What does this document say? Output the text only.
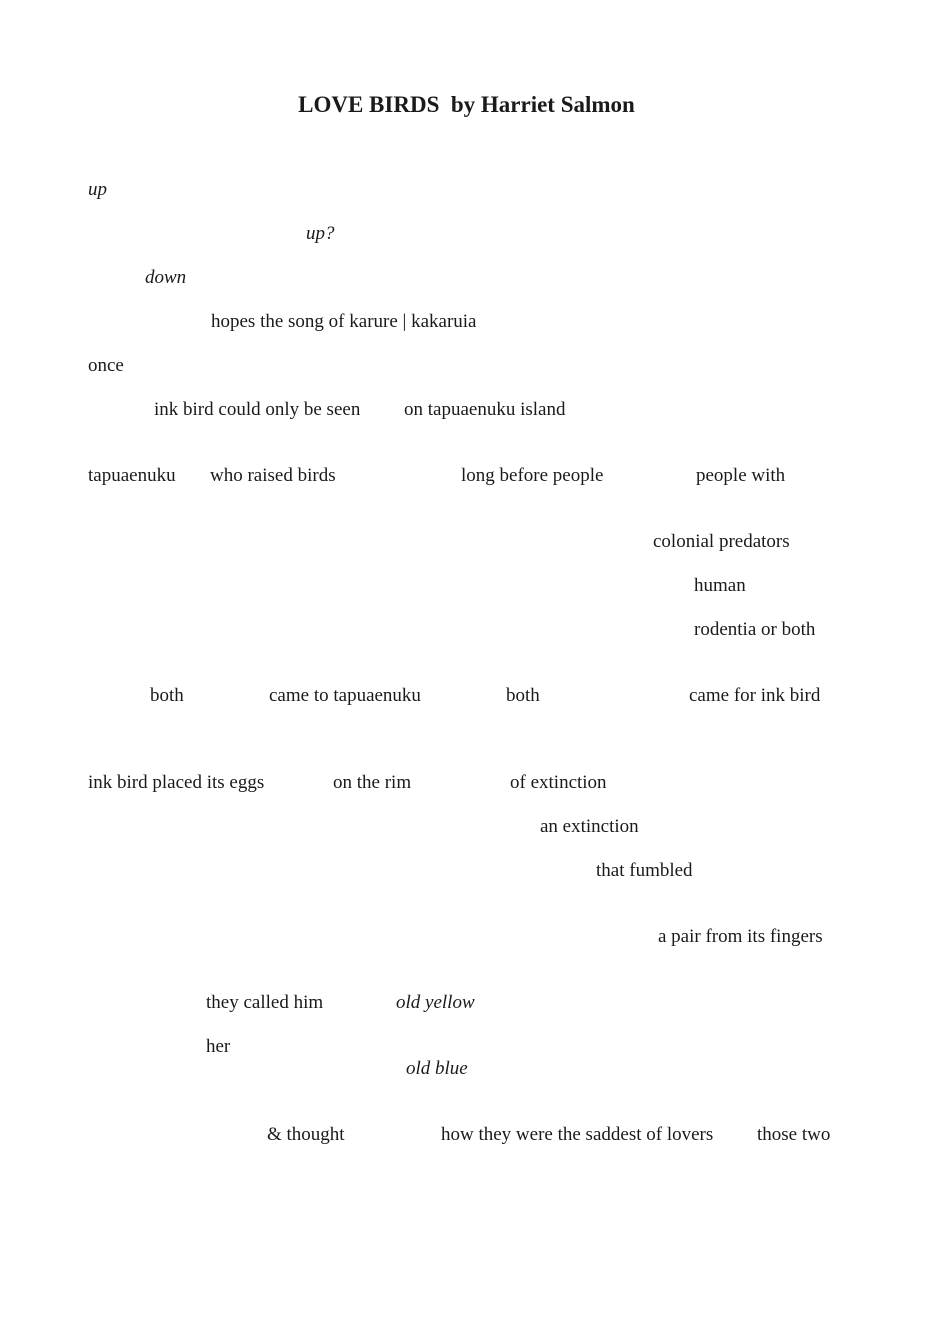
LOVE BIRDS  by Harriet Salmon
up
up?
down
hopes the song of karure | kakaruia
once
ink bird could only be seen on tapuaenuku island
tapuaenuku who raised birds	long before people	people with
colonial predators
human
rodentia or both
both	came to tapuaenuku	both	came for ink bird
ink bird placed its eggs	on the rim	of extinction
an extinction
that fumbled
a pair from its fingers
they called him	old yellow
her
old blue
& thought	how they were the saddest of lovers those two
